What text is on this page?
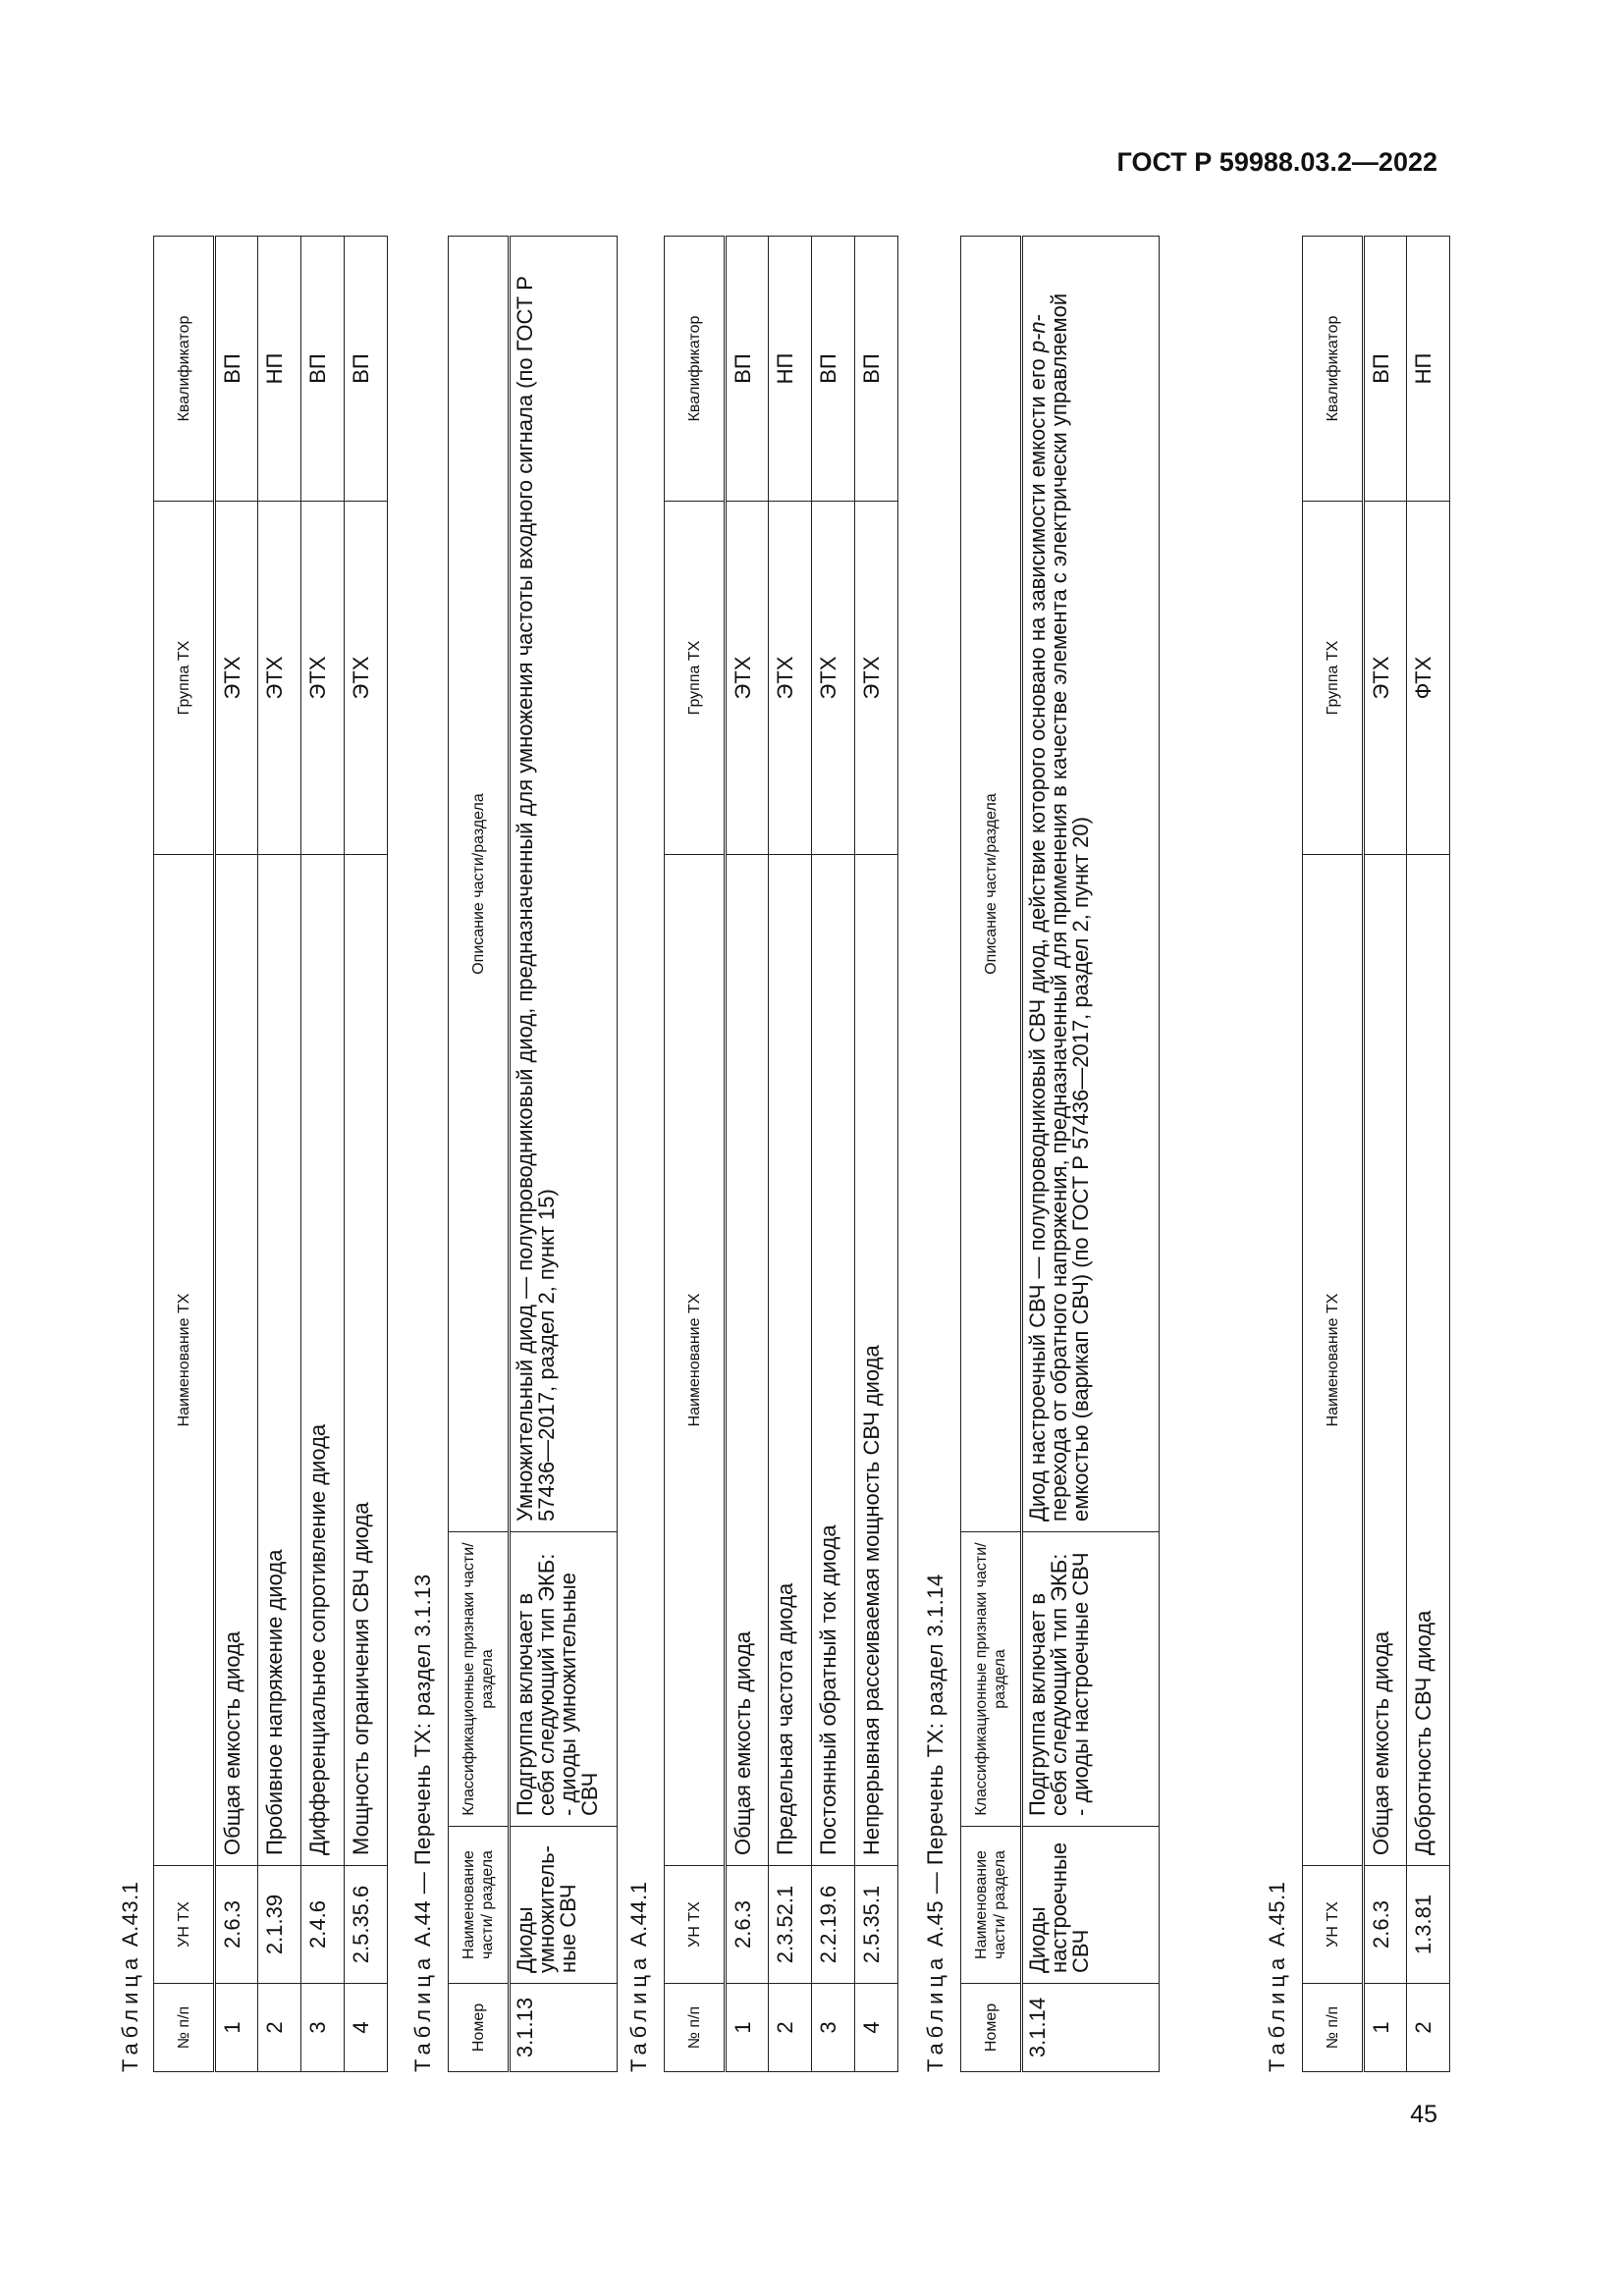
ГОСТ Р 59988.03.2—2022
Таблица А.43.1
№ п/п	УН ТХ	Наименование ТХ	Группа ТХ	Квалификатор
1	2.6.3	Общая емкость диода	ЭТХ	ВП
2	2.1.39	Пробивное напряжение диода	ЭТХ	НП
3	2.4.6	Дифференциальное сопротивление диода	ЭТХ	ВП
4	2.5.35.6	Мощность ограничения СВЧ диода	ЭТХ	ВП
Таблица А.44 — Перечень ТХ: раздел 3.1.13
Номер	Наименование части/ раздела	Классификационные признаки части/ раздела	Описание части/раздела
3.1.13	Диоды умножительные СВЧ	Подгруппа включает в себя следующий тип ЭКБ: - диоды умножительные СВЧ	Умножительный диод — полупроводниковый диод, предназначенный для умножения частоты входного сигнала (по ГОСТ Р 57436—2017, раздел 2, пункт 15)
Таблица А.44.1
№ п/п	УН ТХ	Наименование ТХ	Группа ТХ	Квалификатор
1	2.6.3	Общая емкость диода	ЭТХ	ВП
2	2.3.52.1	Предельная частота диода	ЭТХ	НП
3	2.2.19.6	Постоянный обратный ток диода	ЭТХ	ВП
4	2.5.35.1	Непрерывная рассеиваемая мощность СВЧ диода	ЭТХ	ВП
Таблица А.45 — Перечень ТХ: раздел 3.1.14
Номер	Наименование части/ раздела	Классификационные признаки части/ раздела	Описание части/раздела
3.1.14	Диоды настроечные СВЧ	Подгруппа включает в себя следующий тип ЭКБ: - диоды настроечные СВЧ	Диод настроечный СВЧ — полупроводниковый СВЧ диод, действие которого основано на зависимости емкости его p-n-перехода от обратного напряжения, предназначенный для применения в качестве элемента с электрически управляемой емкостью (варикап СВЧ) (по ГОСТ Р 57436—2017, раздел 2, пункт 20)
Таблица А.45.1
№ п/п	УН ТХ	Наименование ТХ	Группа ТХ	Квалификатор
1	2.6.3	Общая емкость диода	ЭТХ	ВП
2	1.3.81	Добротность СВЧ диода	ФТХ	НП
45
